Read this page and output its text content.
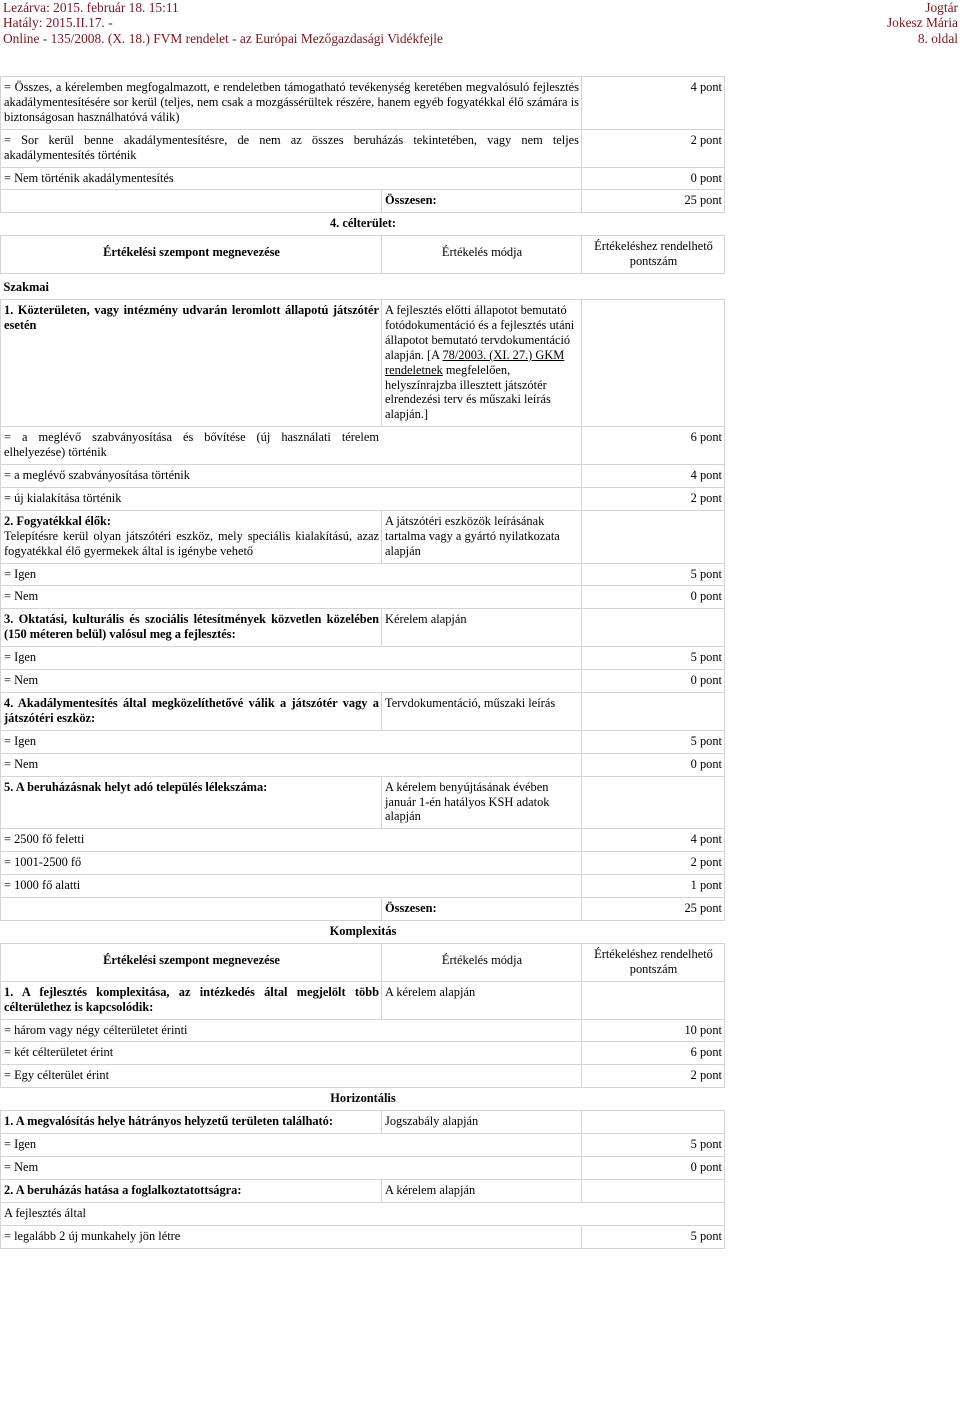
Lezárva: 2015. február 18. 15:11
Hatály: 2015.II.17. -
Online - 135/2008. (X. 18.) FVM rendelet - az Európai Mezőgazdasági Vidékfejle
Jogtár
Jokesz Mária
8. oldal
= Összes, a kérelemben megfogalmazott, e rendeletben támogatható tevékenység keretében megvalósuló fejlesztés akadálymentesítésére sor kerül (teljes, nem csak a mozgássérültek részére, hanem egyéb fogyatékkal élő számára is biztonságosan használhatóvá válik)		4 pont
= Sor kerül benne akadálymentesítésre, de nem az összes beruházás tekintetében, vagy nem teljes akadálymentesítés történik		2 pont
= Nem történik akadálymentesítés		0 pont
	Összesen:	25 pont
4. célterület:		
Értékelési szempont megnevezése	Értékelés módja	Értékeléshez rendelhető pontszám
Szakmai		
1. Közterületen, vagy intézmény udvarán leromlott állapotú játszótér esetén	A fejlesztés előtti állapotot bemutató fotódokumentáció és a fejlesztés utáni állapotot bemutató tervdokumentáció alapján. [A 78/2003. (XI. 27.) GKM rendeletnek megfelelően, helyszínrajzba illesztett játszótér elrendezési terv és műszaki leírás alapján.]	
= a meglévő szabványosítása és bővítése (új használati térelem elhelyezése) történik		6 pont
= a meglévő szabványosítása történik		4 pont
= új kialakítása történik		2 pont

2. Fogyatékkal élők:
Telepítésre kerül olyan játszótéri eszköz, mely speciális kialakítású, azaz fogyatékkal élő gyermekek által is igénybe vehető	A játszótéri eszközök leírásának tartalma vagy a gyártó nyilatkozata alapján	
= Igen		5 pont
= Nem		0 pont
3. Oktatási, kulturális és szociális létesítmények közvetlen közelében (150 méteren belül) valósul meg a fejlesztés:	Kérelem alapján	
= Igen		5 pont
= Nem		0 pont
4. Akadálymentesítés által megközelíthetővé válik a játszótér vagy a játszótéri eszköz:	Tervdokumentáció, műszaki leírás	
= Igen		5 pont
= Nem		0 pont
5. A beruházásnak helyt adó település lélekszáma:	A kérelem benyújtásának évében január 1-én hatályos KSH adatok alapján	
= 2500 fő feletti		4 pont
= 1001-2500 fő		2 pont
= 1000 fő alatti		1 pont
	Összesen:	25 pont
Komplexitás		
Értékelési szempont megnevezése	Értékelés módja	Értékeléshez rendelhető pontszám
1. A fejlesztés komplexitása, az intézkedés által megjelölt több célterülethez is kapcsolódik:	A kérelem alapján	
= három vagy négy célterületet érinti		10 pont
= két célterületet érint		6 pont
= Egy célterület érint		2 pont
Horizontális		
1. A megvalósítás helye hátrányos helyzetű területen található:	Jogszabály alapján	
= Igen		5 pont
= Nem		0 pont
2. A beruházás hatása a foglalkoztatottságra:	A kérelem alapján	
A fejlesztés által		
= legalább 2 új munkahely jön létre		5 pont
